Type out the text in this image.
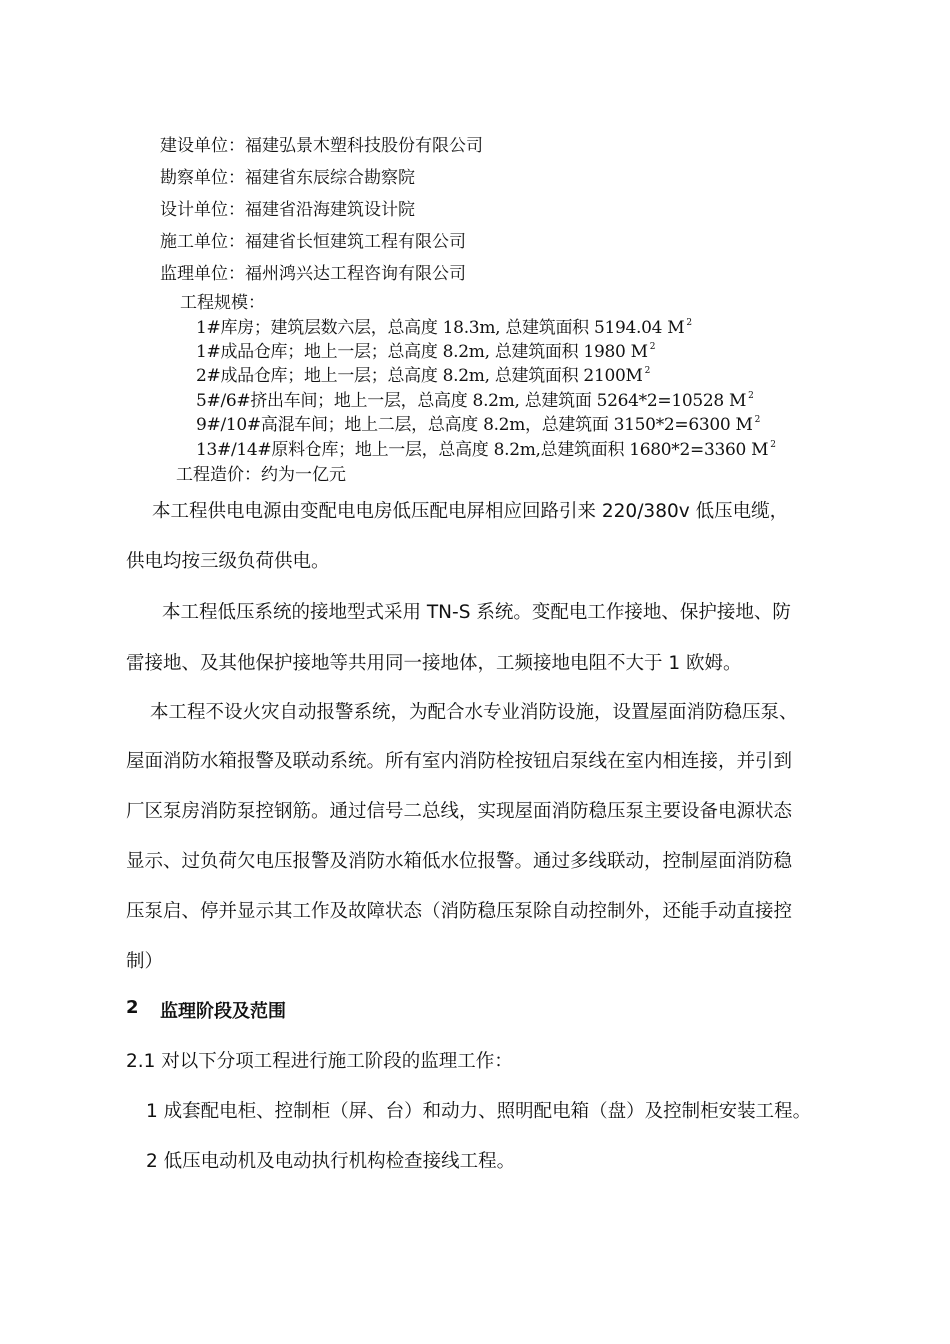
建设单位：福建弘景木塑科技股份有限公司
勘察单位：福建省东辰综合勘察院
设计单位：福建省沿海建筑设计院
施工单位：福建省长恒建筑工程有限公司
监理单位：福州鸿兴达工程咨询有限公司
工程规模：
1#库房；建筑层数六层，总高度 18.3m, 总建筑面积 5194.04 M $^2$
1#成品仓库；地上一层；总高度 8.2m, 总建筑面积 1980 M $^2$
2#成品仓库；地上一层；总高度 8.2m, 总建筑面积 2100M $^2$
5#/6#挤出车间；地上一层，总高度 8.2m, 总建筑面 5264*2=10528 M $^2$
9#/10#高混车间；地上二层，总高度 8.2m，总建筑面 3150*2=6300 M $^2$
13#/14#原料仓库；地上一层，总高度 8.2m,总建筑面积 1680*2=3360 M $^2$
工程造价：约为一亿元
本工程供电电源由变配电电房低压配电屏相应回路引来 220/380v 低压电缆，
供电均按三级负荷供电。
本工程低压系统的接地型式采用 TN-S 系统。变配电工作接地、保护接地、防
雷接地、及其他保护接地等共用同一接地体，工频接地电阻不大于 1 欧姆。
本工程不设火灾自动报警系统，为配合水专业消防设施，设置屋面消防稳压泵、
屋面消防水箱报警及联动系统。所有室内消防栓按钮启泵线在室内相连接，并引到
厂区泵房消防泵控钢筋。通过信号二总线，实现屋面消防稳压泵主要设备电源状态
显示、过负荷欠电压报警及消防水箱低水位报警。通过多线联动，控制屋面消防稳
压泵启、停并显示其工作及故障状态（消防稳压泵除自动控制外，还能手动直接控
制）
2 监理阶段及范围
2.1 对以下分项工程进行施工阶段的监理工作：
1 成套配电柜、控制柜（屏、台）和动力、照明配电箱（盘）及控制柜安装工程。
2 低压电动机及电动执行机构检查接线工程。
